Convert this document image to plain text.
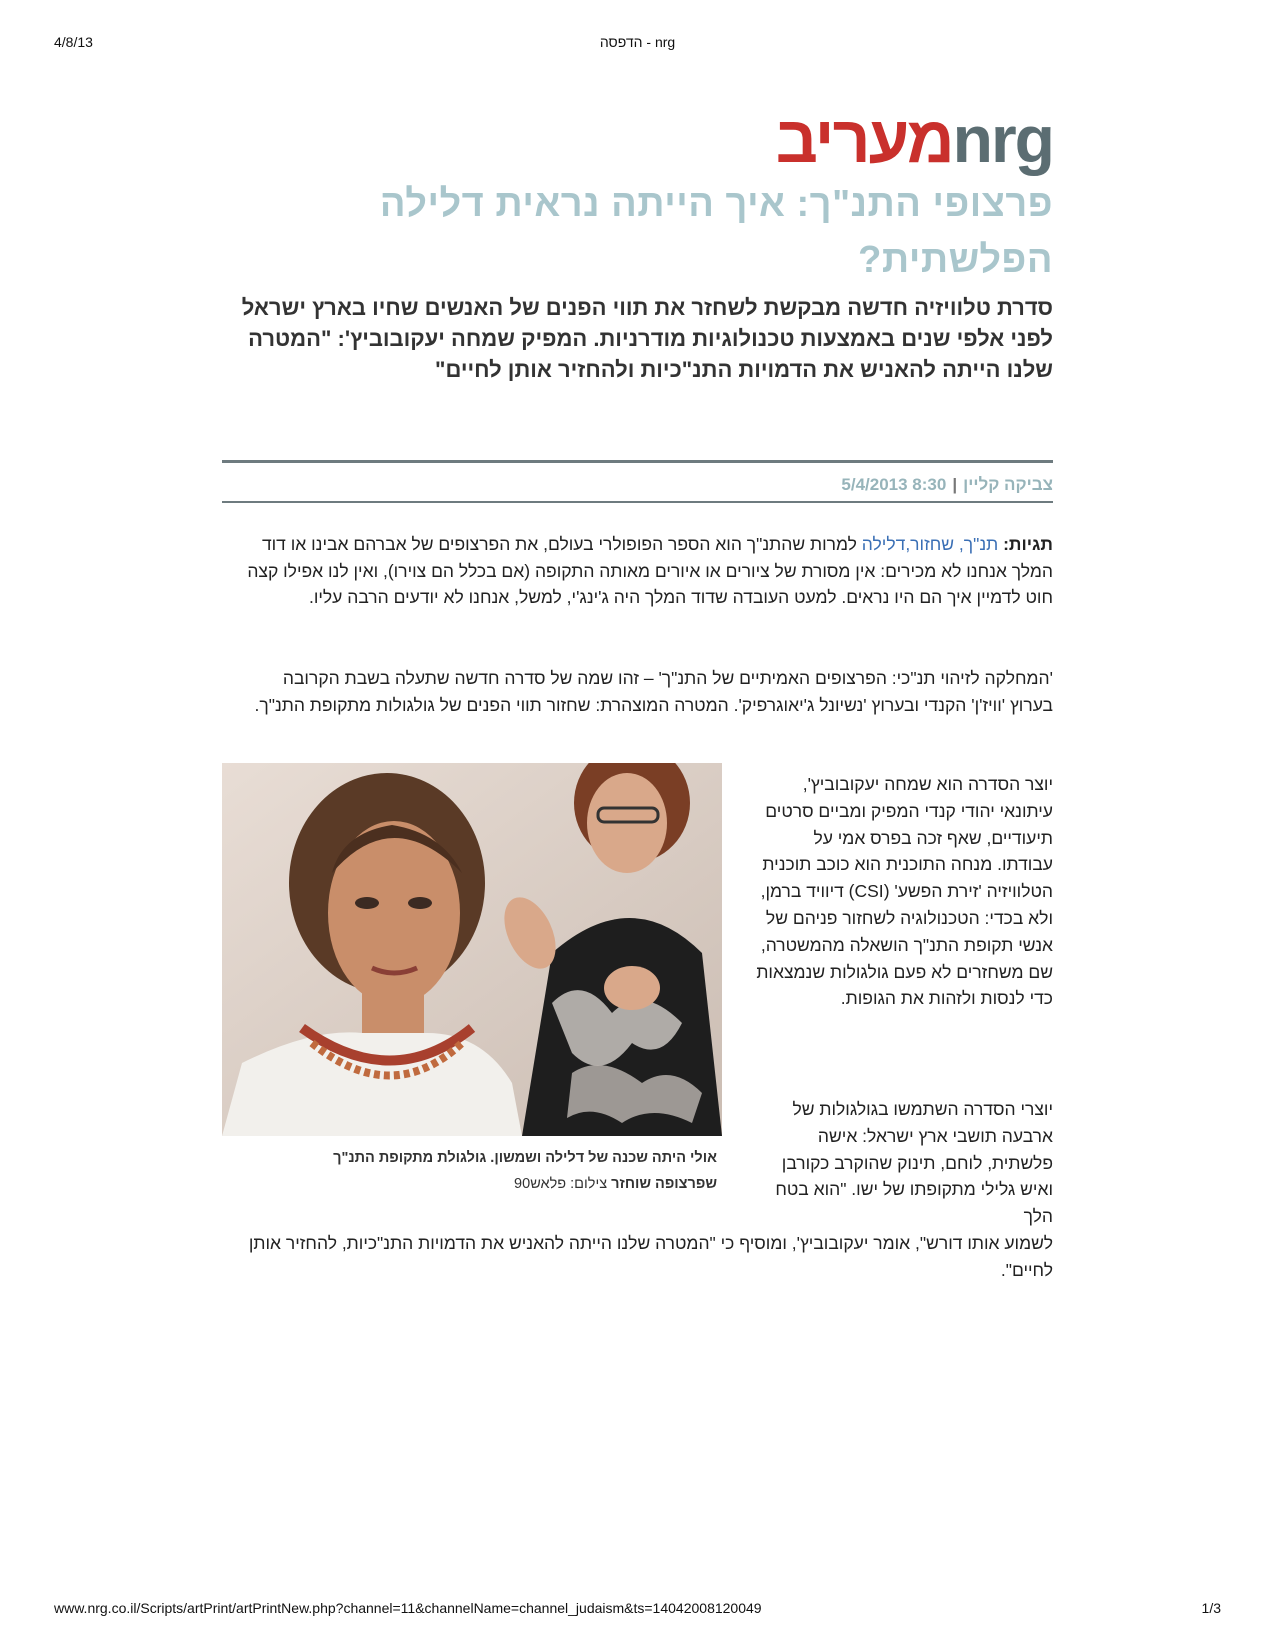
4/8/13	nrg - הדפסה
מעריבnrg
פרצופי התנ"ך: איך הייתה נראית דלילה הפלשתית?

סדרת טלוויזיה חדשה מבקשת לשחזר את תווי הפנים של האנשים שחיו בארץ ישראל לפני אלפי שנים באמצעות טכנולוגיות מודרניות. המפיק שמחה יעקובוביץ': "המטרה שלנו הייתה להאניש את הדמויות התנ"כיות ולהחזיר אותן לחיים"

צביקה קליין|5/4/2013 8:30

תגיות: תנ"ך, שחזור,דלילה למרות שהתנ"ך הוא הספר הפופולרי בעולם, את הפרצופים של אברהם אבינו או דוד המלך אנחנו לא מכירים: אין מסורת של ציורים או איורים מאותה התקופה (אם בכלל הם צוירו), ואין לנו אפילו קצה חוט לדמיין איך הם היו נראים. למעט העובדה שדוד המלך היה ג'ינג'י, למשל, אנחנו לא יודעים הרבה עליו.

'המחלקה לזיהוי תנ"כי: הפרצופים האמיתיים של התנ"ך' – זהו שמה של סדרה חדשה שתעלה בשבת הקרובה בערוץ 'וויז'ן' הקנדי ובערוץ 'נשיונל ג'יאוגרפיק'. המטרה המוצהרת: שחזור תווי הפנים של גולגולות מתקופת התנ"ך.

אולי היתה שכנה של דלילה ושמשון. גולגולת מתקופת התנ"ך
שפרצופה שוחזר צילום: פלאש90

יוצר הסדרה הוא שמחה יעקובוביץ', עיתונאי יהודי קנדי המפיק ומביים סרטים תיעודיים, שאף זכה בפרס אמי על עבודתו. מנחה התוכנית הוא כוכב תוכנית הטלוויזיה 'זירת הפשע' (CSI) דיוויד ברמן, ולא בכדי: הטכנולוגיה לשחזור פניהם של אנשי תקופת התנ"ך הושאלה מהמשטרה, שם משחזרים לא פעם גולגולות שנמצאות כדי לנסות ולזהות את הגופות.

יוצרי הסדרה השתמשו בגולגולות של ארבעה תושבי ארץ ישראל: אישה פלשתית, לוחם, תינוק שהוקרב כקורבן ואיש גלילי מתקופתו של ישו. "הוא בטח הלך
לשמוע אותו דורש", אומר יעקובוביץ', ומוסיף כי "המטרה שלנו הייתה להאניש את הדמויות התנ"כיות, להחזיר אותן לחיים".

www.nrg.co.il/Scripts/artPrint/artPrintNew.php?channel=11&channelName=channel_judaism&ts=14042008120049	1/3
